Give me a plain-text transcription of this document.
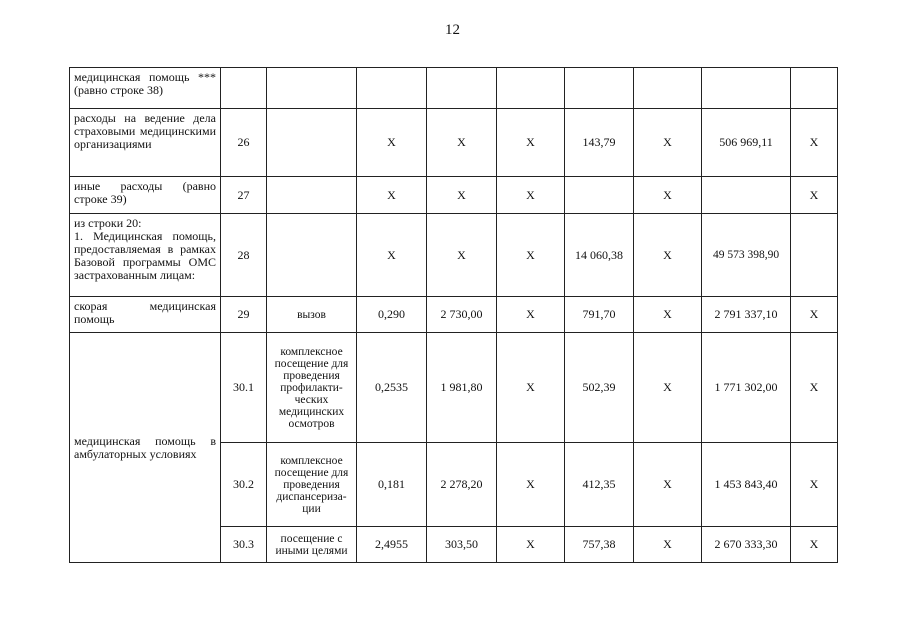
12
медицинская помощь *** (равно строке 38)									
расходы на ведение дела страховыми медицинскими организациями	26		Х	Х	Х	143,79	Х	506 969,11	Х
иные расходы (равно строке 39)	27		Х	Х	Х		Х		Х
из строки 20:
1. Медицинская помощь, предоставляемая в рамках Базовой программы ОМС застрахованным лицам:	28		Х	Х	Х	14 060,38	Х	49 573 398,90	
скорая медицинская помощь	29	вызов	0,290	2 730,00	Х	791,70	Х	2 791 337,10	Х
медицинская помощь в амбулаторных условиях	30.1	комплексное посещение для проведения профилакти-ческих медицинских осмотров	0,2535	1 981,80	Х	502,39	Х	1 771 302,00	Х
	30.2	комплексное посещение для проведения диспансериза-ции	0,181	2 278,20	Х	412,35	Х	1 453 843,40	Х
	30.3	посещение с иными целями	2,4955	303,50	Х	757,38	Х	2 670 333,30	Х
